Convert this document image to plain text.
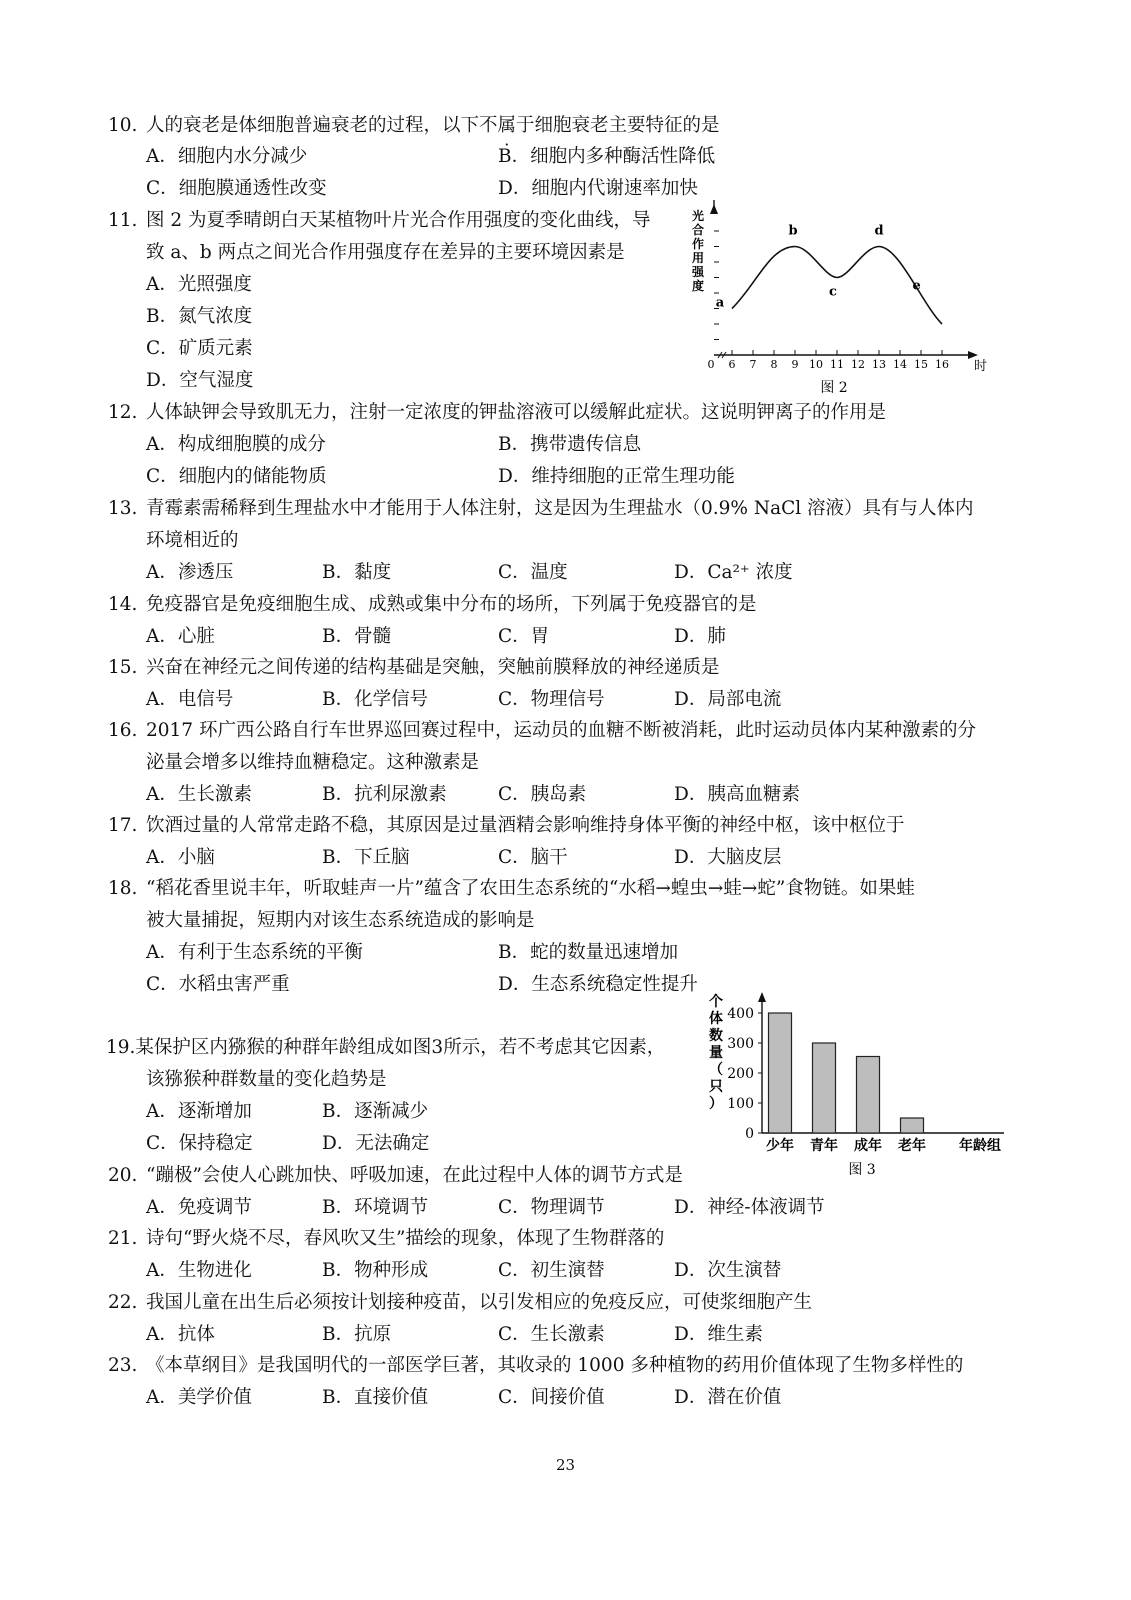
10. 人的衰老是体细胞普遍衰老的过程，以下不属于细胞衰老主要特征的是
A．细胞内水分减少	B．细胞内多种酶活性降低
C．细胞膜通透性改变	D．细胞内代谢速率加快
11. 图 2 为夏季晴朗白天某植物叶片光合作用强度的变化曲线，导
致 a、b 两点之间光合作用强度存在差异的主要环境因素是
A．光照强度
B．氮气浓度
C．矿质元素
D．空气湿度
光
合
作
用
强
度
0 6 7 8 9 10 11 12 13 14 15 16
a
b
c
d
e
时
图 2
12. 人体缺钾会导致肌无力，注射一定浓度的钾盐溶液可以缓解此症状。这说明钾离子的作用是
A．构成细胞膜的成分	B．携带遗传信息
C．细胞内的储能物质	D．维持细胞的正常生理功能
13. 青霉素需稀释到生理盐水中才能用于人体注射，这是因为生理盐水（0.9% NaCl 溶液）具有与人体内
环境相近的
A．渗透压	B．黏度	C．温度	D．Ca²⁺ 浓度
14. 免疫器官是免疫细胞生成、成熟或集中分布的场所，下列属于免疫器官的是
A．心脏	B．骨髓	C．胃	D．肺
15. 兴奋在神经元之间传递的结构基础是突触，突触前膜释放的神经递质是
A．电信号	B．化学信号	C．物理信号	D．局部电流
16. 2017 环广西公路自行车世界巡回赛过程中，运动员的血糖不断被消耗，此时运动员体内某种激素的分
泌量会增多以维持血糖稳定。这种激素是
A．生长激素	B．抗利尿激素	C．胰岛素	D．胰高血糖素
17. 饮酒过量的人常常走路不稳，其原因是过量酒精会影响维持身体平衡的神经中枢，该中枢位于
A．小脑	B．下丘脑	C．脑干	D．大脑皮层
18. “稻花香里说丰年，听取蛙声一片”蕴含了农田生态系统的“水稻→蝗虫→蛙→蛇”食物链。如果蛙
被大量捕捉，短期内对该生态系统造成的影响是
A．有利于生态系统的平衡	B．蛇的数量迅速增加
C．水稻虫害严重	D．生态系统稳定性提升
19.某保护区内猕猴的种群年龄组成如图3所示，若不考虑其它因素，
该猕猴种群数量的变化趋势是
A．逐渐增加	B．逐渐减少
C．保持稳定	D．无法确定
个
体
数
量
（
只
）
0
100
200
300
400
少年 青年 成年 老年 年龄组
图 3
20. “蹦极”会使人心跳加快、呼吸加速，在此过程中人体的调节方式是
A．免疫调节	B．环境调节	C．物理调节	D．神经-体液调节
21. 诗句“野火烧不尽，春风吹又生”描绘的现象，体现了生物群落的
A．生物进化	B．物种形成	C．初生演替	D．次生演替
22. 我国儿童在出生后必须按计划接种疫苗，以引发相应的免疫反应，可使浆细胞产生
A．抗体	B．抗原	C．生长激素	D．维生素
23. 《本草纲目》是我国明代的一部医学巨著，其收录的 1000 多种植物的药用价值体现了生物多样性的
A．美学价值	B．直接价值	C．间接价值	D．潜在价值
23
